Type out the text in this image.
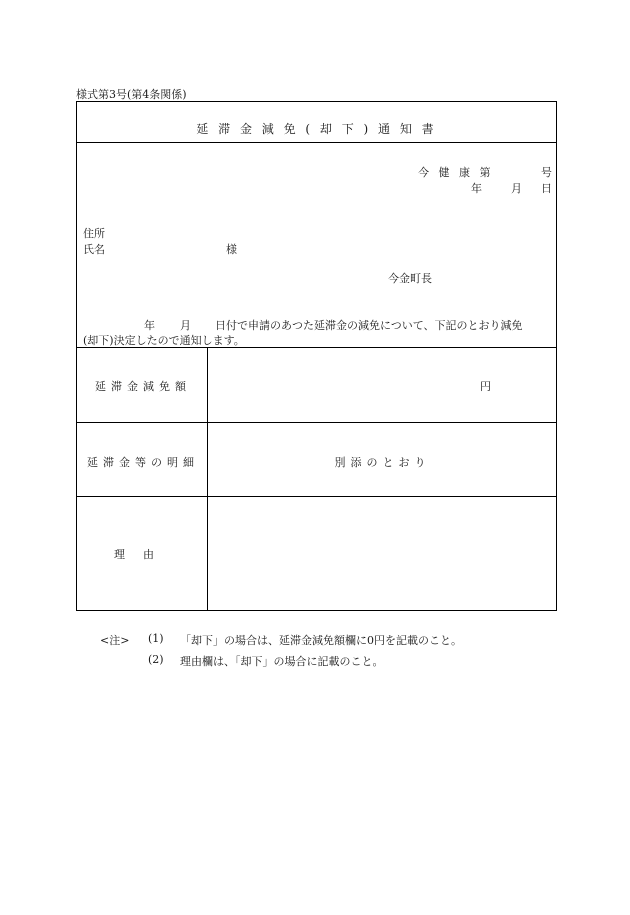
様式第3号(第4条関係)
延 滞 金 減 免 ( 却 下 ) 通 知 書
今 健 康 第	号
年	月 日
住所
氏名	様
今金町長
年 月 日付で申請のあつた延滞金の減免について、下記のとおり減免
(却下)決定したので通知します。
延滞金減免額	円
延滞金等の明細	別添のとおり
理由
<注> (1) 「却下」の場合は、延滞金減免額欄に0円を記載のこと。
(2) 理由欄は、「却下」の場合に記載のこと。
